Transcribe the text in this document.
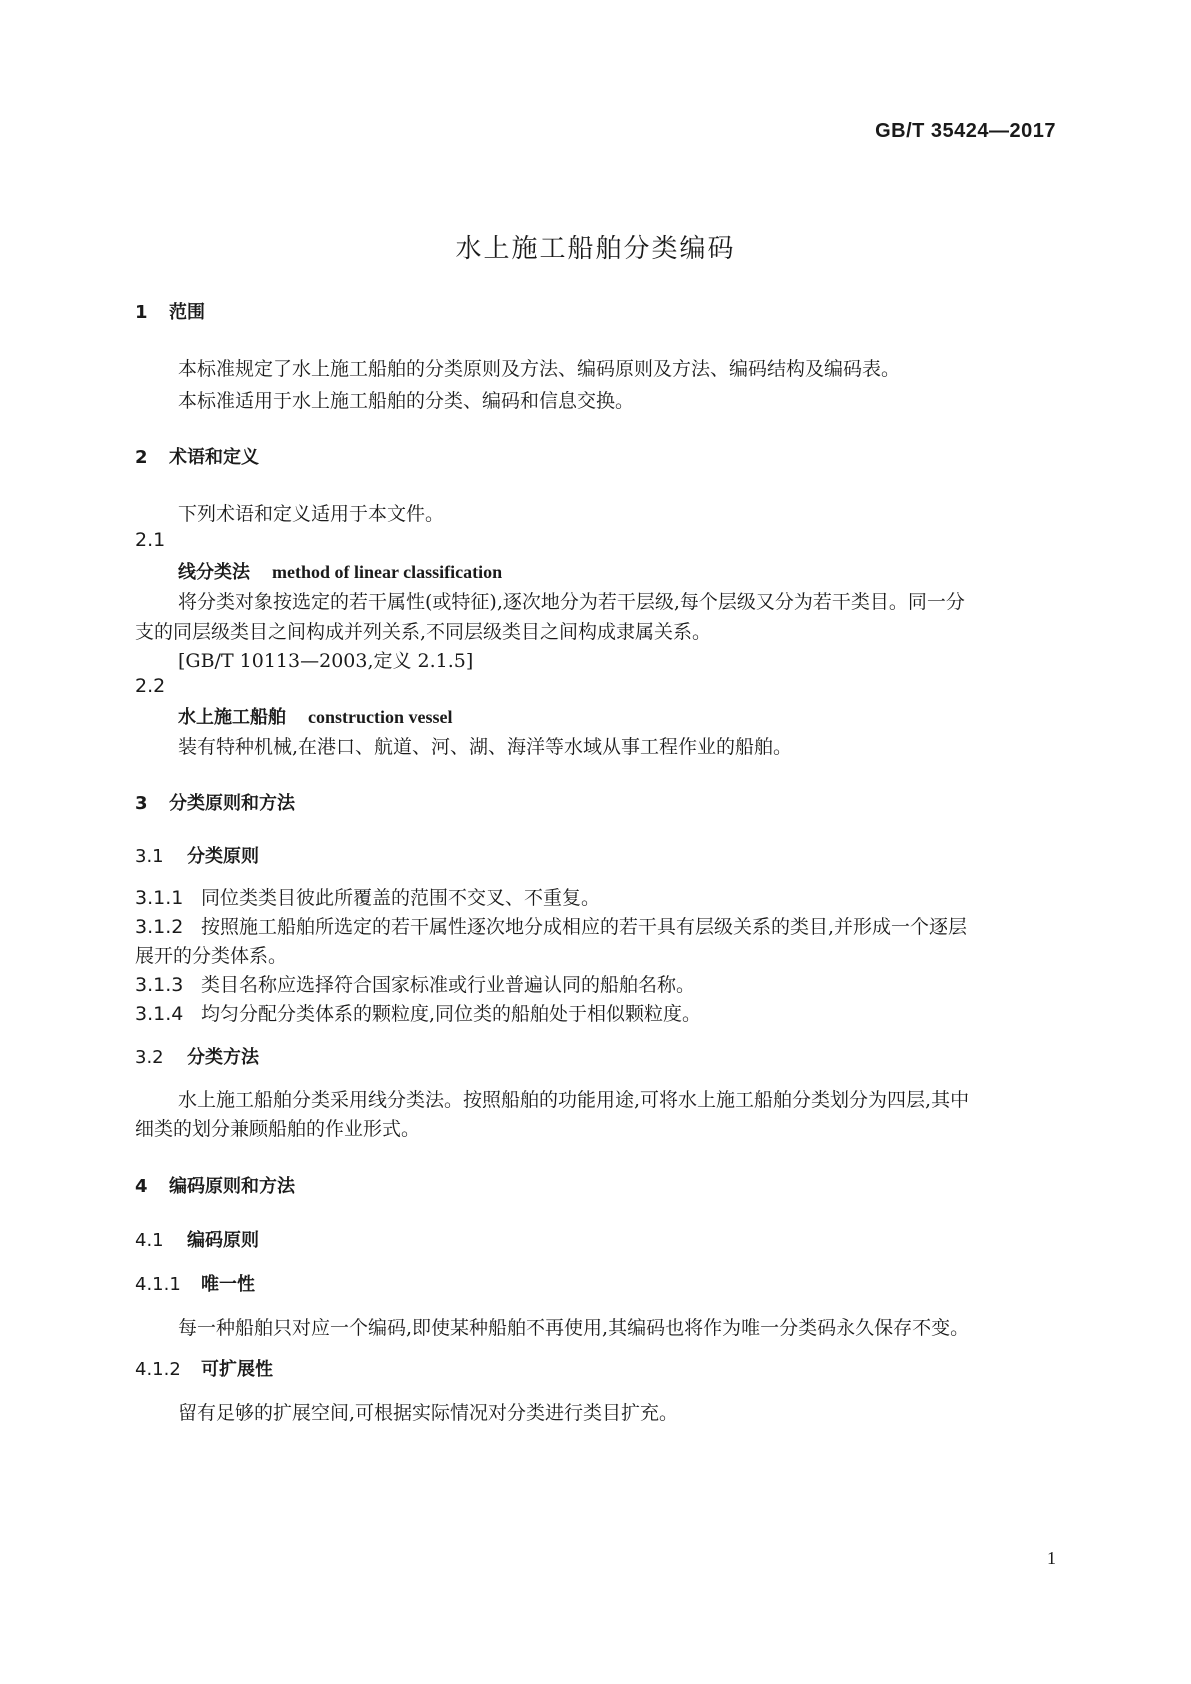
GB/T 35424—2017
水上施工船舶分类编码
1 范围
本标准规定了水上施工船舶的分类原则及方法、编码原则及方法、编码结构及编码表。
本标准适用于水上施工船舶的分类、编码和信息交换。
2 术语和定义
下列术语和定义适用于本文件。
2.1
线分类法 method of linear classification
将分类对象按选定的若干属性(或特征),逐次地分为若干层级,每个层级又分为若干类目。同一分
支的同层级类目之间构成并列关系,不同层级类目之间构成隶属关系。
[GB/T 10113—2003,定义 2.1.5]
2.2
水上施工船舶 construction vessel
装有特种机械,在港口、航道、河、湖、海洋等水域从事工程作业的船舶。
3 分类原则和方法
3.1 分类原则
3.1.1 同位类类目彼此所覆盖的范围不交叉、不重复。
3.1.2 按照施工船舶所选定的若干属性逐次地分成相应的若干具有层级关系的类目,并形成一个逐层
展开的分类体系。
3.1.3 类目名称应选择符合国家标准或行业普遍认同的船舶名称。
3.1.4 均匀分配分类体系的颗粒度,同位类的船舶处于相似颗粒度。
3.2 分类方法
水上施工船舶分类采用线分类法。按照船舶的功能用途,可将水上施工船舶分类划分为四层,其中
细类的划分兼顾船舶的作业形式。
4 编码原则和方法
4.1 编码原则
4.1.1 唯一性
每一种船舶只对应一个编码,即使某种船舶不再使用,其编码也将作为唯一分类码永久保存不变。
4.1.2 可扩展性
留有足够的扩展空间,可根据实际情况对分类进行类目扩充。
1
